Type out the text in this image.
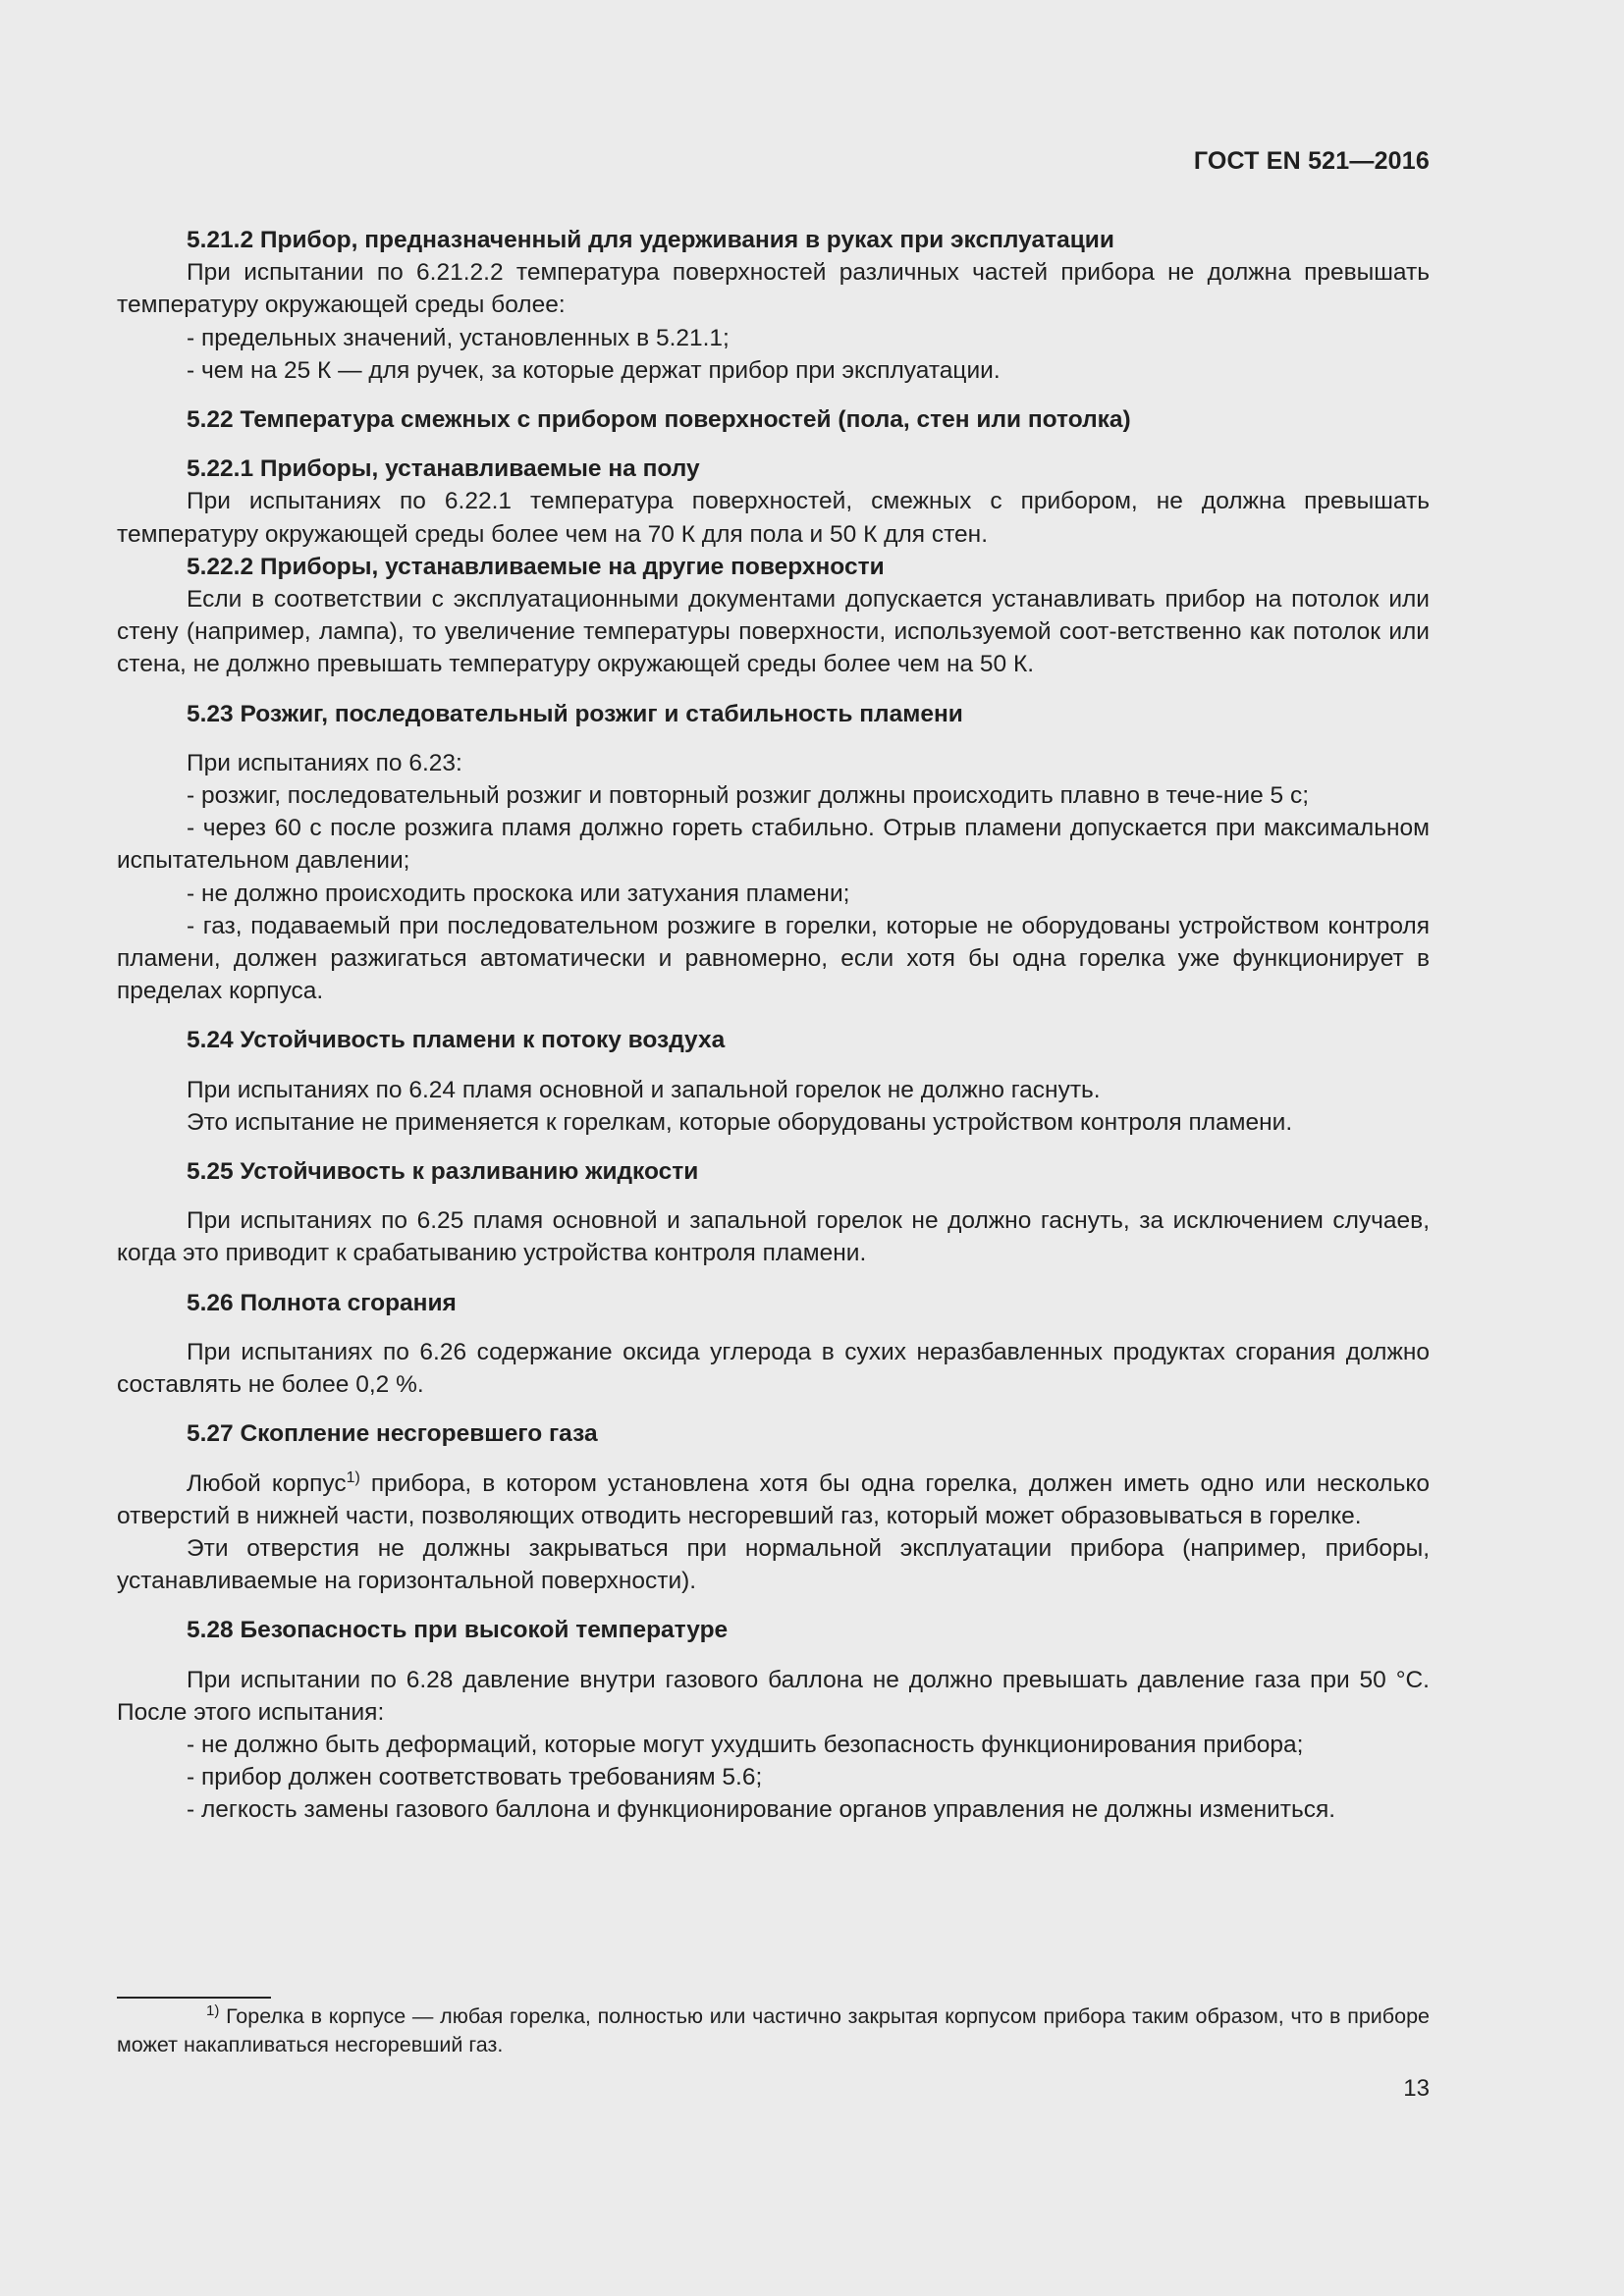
ГОСТ EN 521—2016

5.21.2 Прибор, предназначенный для удерживания в руках при эксплуатации

При испытании по 6.21.2.2 температура поверхностей различных частей прибора не должна превышать температуру окружающей среды более:

- предельных значений, установленных в 5.21.1;

- чем на 25 К — для ручек, за которые держат прибор при эксплуатации.

5.22 Температура смежных с прибором поверхностей (пола, стен или потолка)

5.22.1 Приборы, устанавливаемые на полу

При испытаниях по 6.22.1 температура поверхностей, смежных с прибором, не должна превышать температуру окружающей среды более чем на 70 К для пола и 50 К для стен.

5.22.2 Приборы, устанавливаемые на другие поверхности

Если в соответствии с эксплуатационными документами допускается устанавливать прибор на потолок или стену (например, лампа), то увеличение температуры поверхности, используемой соот-ветственно как потолок или стена, не должно превышать температуру окружающей среды более чем на 50 К.

5.23 Розжиг, последовательный розжиг и стабильность пламени

При испытаниях по 6.23:

- розжиг, последовательный розжиг и повторный розжиг должны происходить плавно в тече-ние 5 с;

- через 60 с после розжига пламя должно гореть стабильно. Отрыв пламени допускается при максимальном испытательном давлении;

- не должно происходить проскока или затухания пламени;

- газ, подаваемый при последовательном розжиге в горелки, которые не оборудованы устройством контроля пламени, должен разжигаться автоматически и равномерно, если хотя бы одна горелка уже функционирует в пределах корпуса.

5.24 Устойчивость пламени к потоку воздуха

При испытаниях по 6.24 пламя основной и запальной горелок не должно гаснуть.

Это испытание не применяется к горелкам, которые оборудованы устройством контроля пламени.

5.25 Устойчивость к разливанию жидкости

При испытаниях по 6.25 пламя основной и запальной горелок не должно гаснуть, за исключением случаев, когда это приводит к срабатыванию устройства контроля пламени.

5.26 Полнота сгорания

При испытаниях по 6.26 содержание оксида углерода в сухих неразбавленных продуктах сгорания должно составлять не более 0,2 %.

5.27 Скопление несгоревшего газа

Любой корпус$^{1)}$ прибора, в котором установлена хотя бы одна горелка, должен иметь одно или несколько отверстий в нижней части, позволяющих отводить несгоревший газ, который может образовываться в горелке.

Эти отверстия не должны закрываться при нормальной эксплуатации прибора (например, приборы, устанавливаемые на горизонтальной поверхности).

5.28 Безопасность при высокой температуре

При испытании по 6.28 давление внутри газового баллона не должно превышать давление газа при 50 °С. После этого испытания:

- не должно быть деформаций, которые могут ухудшить безопасность функционирования прибора;

- прибор должен соответствовать требованиям 5.6;

- легкость замены газового баллона и функционирование органов управления не должны измениться.

$^{1)}$ Горелка в корпусе — любая горелка, полностью или частично закрытая корпусом прибора таким образом, что в приборе может накапливаться несгоревший газ.

13
